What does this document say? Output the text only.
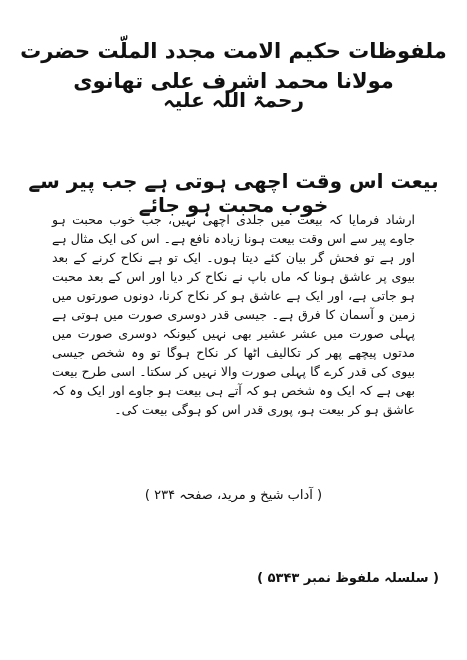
ملفوظات حکیم الامت مجدد الملّت حضرت مولانا محمد اشرف علی تھانوی
رحمۃ اللہ علیہ
بیعت اس وقت اچھی ہوتی ہے جب پیر سے خوب محبت ہو جائے
ارشاد فرمایا کہ بیعت میں جلدی اچھی نہیں، جب خوب محبت ہو جاوے پیر سے اس وقت بیعت ہونا زیادہ نافع ہے۔ اس کی ایک مثال ہے اور ہے تو فحش گر بیان کئے دیتا ہوں۔ ایک تو ہے نکاح کرنے کے بعد بیوی پر عاشق ہونا کہ ماں باپ نے نکاح کر دیا اور اس کے بعد محبت ہو جاتی ہے، اور ایک ہے عاشق ہو کر نکاح کرنا، دونوں صورتوں میں زمین و آسمان کا فرق ہے۔ جیسی قدر دوسری صورت میں ہوتی ہے پہلی صورت میں عشر عشیر بھی نہیں کیونکہ دوسری صورت میں مدتوں پیچھے پھر کر تکالیف اٹھا کر نکاح ہوگا تو وہ شخص جیسی بیوی کی قدر کرے گا پہلی صورت والا نہیں کر سکتا۔ اسی طرح بیعت بھی ہے کہ ایک وہ شخص ہو کہ آتے ہی بیعت ہو جاوے اور ایک وہ کہ عاشق ہو کر بیعت ہو، پوری قدر اس کو ہوگی بیعت کی۔
( آداب شیخ و مرید، صفحہ ۲۳۴ )
( سلسلہ ملفوظ نمبر ۵۳۴۳ )
